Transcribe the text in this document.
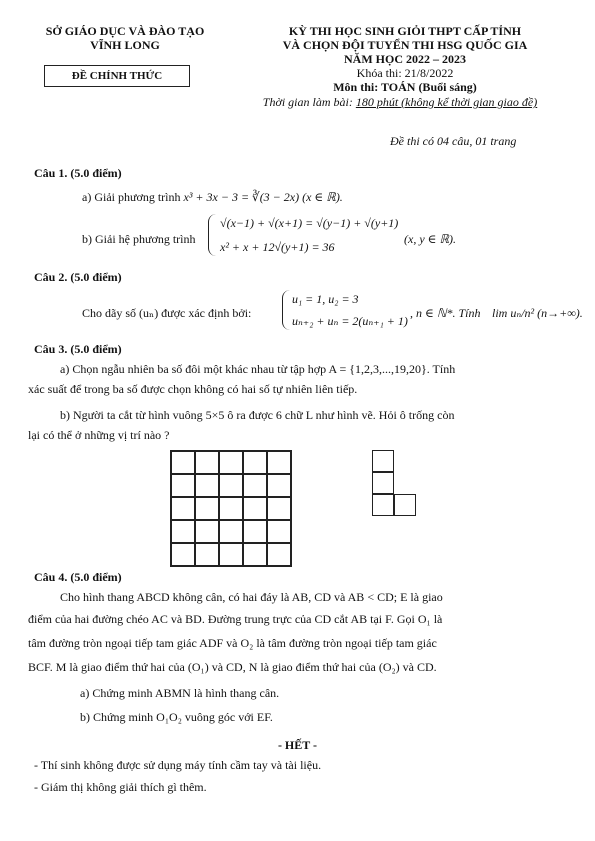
SỞ GIÁO DỤC VÀ ĐÀO TẠO
VĨNH LONG
ĐỀ CHÍNH THỨC
KỲ THI HỌC SINH GIỎI THPT CẤP TỈNH
VÀ CHỌN ĐỘI TUYỂN THI HSG QUỐC GIA
NĂM HỌC 2022 – 2023
Khóa thi: 21/8/2022
Môn thi: TOÁN (Buổi sáng)
Thời gian làm bài: 180 phút (không kể thời gian giao đề)
Đề thi có 04 câu, 01 trang
Câu 1. (5.0 điểm)
a) Giải phương trình x³ + 3x − 3 = ∛(3 − 2x) (x ∈ ℝ).
b) Giải hệ phương trình
√(x−1) + √(x+1) = √(y−1) + √(y+1)
x² + x + 12√(y+1) = 36
(x, y ∈ ℝ).
Câu 2. (5.0 điểm)
Cho dãy số (uₙ) được xác định bởi:
u₁ = 1, u₂ = 3
uₙ₊₂ + uₙ = 2(uₙ₊₁ + 1)
, n ∈ ℕ*. Tính lim uₙ/n² (n→+∞).
Câu 3. (5.0 điểm)
a) Chọn ngẫu nhiên ba số đôi một khác nhau từ tập hợp A = {1,2,3,...,19,20}. Tính
xác suất để trong ba số được chọn không có hai số tự nhiên liên tiếp.
b) Người ta cắt từ hình vuông 5×5 ô ra được 6 chữ L như hình vẽ. Hỏi ô trống còn
lại có thể ở những vị trí nào ?
Câu 4. (5.0 điểm)
Cho hình thang ABCD không cân, có hai đáy là AB, CD và AB < CD; E là giao
điểm của hai đường chéo AC và BD. Đường trung trực của CD cắt AB tại F. Gọi O₁ là
tâm đường tròn ngoại tiếp tam giác ADF và O₂ là tâm đường tròn ngoại tiếp tam giác
BCF. M là giao điểm thứ hai của (O₁) và CD, N là giao điểm thứ hai của (O₂) và CD.
a) Chứng minh ABMN là hình thang cân.
b) Chứng minh O₁O₂ vuông góc với EF.
- HẾT -
- Thí sinh không được sử dụng máy tính cầm tay và tài liệu.
- Giám thị không giải thích gì thêm.
